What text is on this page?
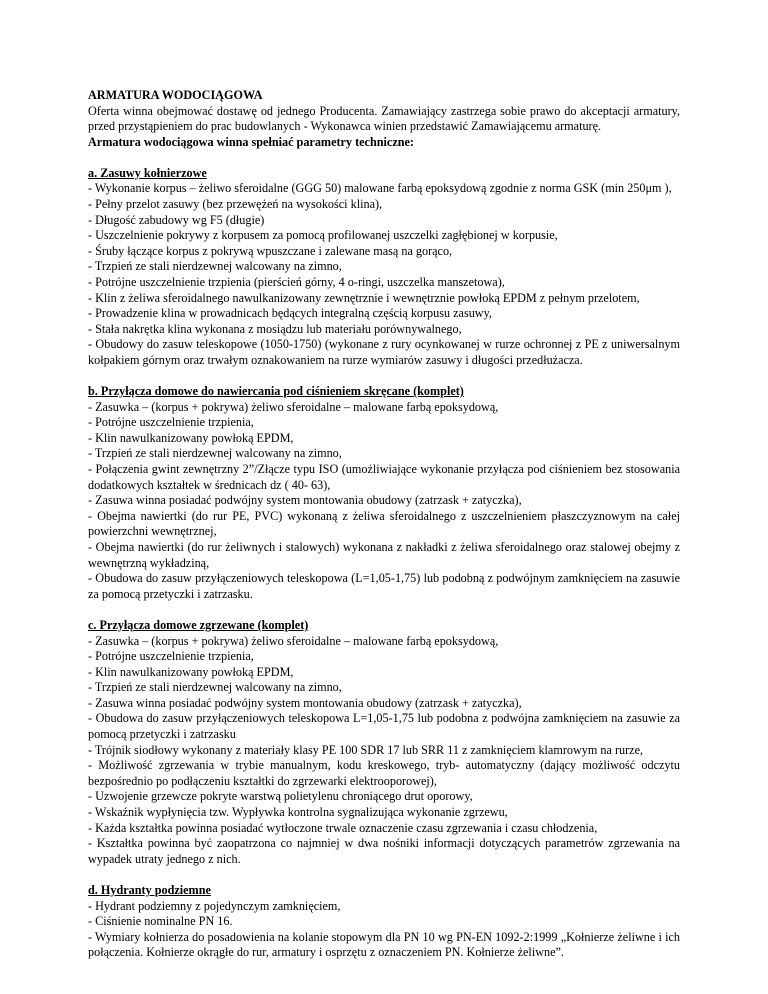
ARMATURA WODOCIĄGOWA

Oferta winna obejmować dostawę od jednego Producenta. Zamawiający zastrzega sobie prawo do akceptacji armatury, przed przystąpieniem do prac budowlanych - Wykonawca winien przedstawić Zamawiającemu armaturę.

Armatura wodociągowa winna spełniać parametry techniczne:

a. Zasuwy kołnierzowe

- Wykonanie korpus – żeliwo sferoidalne (GGG 50) malowane farbą epoksydową zgodnie z norma GSK (min 250μm ),

- Pełny przelot zasuwy (bez przewężeń na wysokości klina),

- Długość zabudowy wg F5 (długie)

- Uszczelnienie pokrywy z korpusem za pomocą profilowanej uszczelki zagłębionej w korpusie,

- Śruby łączące korpus z pokrywą wpuszczane i zalewane masą na gorąco,

- Trzpień ze stali nierdzewnej walcowany na zimno,

- Potrójne uszczelnienie trzpienia (pierścień górny, 4 o-ringi, uszczelka manszetowa),

- Klin z żeliwa sferoidalnego nawulkanizowany zewnętrznie i wewnętrznie powłoką EPDM z pełnym przelotem,

- Prowadzenie klina w prowadnicach będących integralną częścią korpusu zasuwy,

- Stała nakrętka klina wykonana z mosiądzu lub materiału porównywalnego,

- Obudowy do zasuw teleskopowe (1050-1750) (wykonane z rury ocynkowanej w rurze ochronnej z PE z uniwersalnym kołpakiem górnym oraz trwałym oznakowaniem na rurze wymiarów zasuwy i długości przedłużacza.

b. Przyłącza domowe do nawiercania pod ciśnieniem skręcane (komplet)

- Zasuwka – (korpus + pokrywa) żeliwo sferoidalne – malowane farbą epoksydową,

- Potrójne uszczelnienie trzpienia,

- Klin nawulkanizowany powłoką EPDM,

- Trzpień ze stali nierdzewnej walcowany na zimno,

- Połączenia gwint zewnętrzny 2”/Złącze typu ISO (umożliwiające wykonanie przyłącza pod ciśnieniem bez stosowania dodatkowych kształtek w średnicach dz ( 40- 63),

- Zasuwa winna posiadać podwójny system montowania obudowy (zatrzask + zatyczka),

- Obejma nawiertki (do rur PE, PVC) wykonaną z żeliwa sferoidalnego z uszczelnieniem płaszczyznowym na całej powierzchni wewnętrznej,

- Obejma nawiertki (do rur żeliwnych i stalowych) wykonana z nakładki z żeliwa sferoidalnego oraz stalowej obejmy z wewnętrzną wykładziną,

- Obudowa do zasuw przyłączeniowych teleskopowa (L=1,05-1,75) lub podobną z podwójnym zamknięciem na zasuwie za pomocą przetyczki i zatrzasku.

c. Przyłącza domowe zgrzewane (komplet)

- Zasuwka – (korpus + pokrywa) żeliwo sferoidalne – malowane farbą epoksydową,

- Potrójne uszczelnienie trzpienia,

- Klin nawulkanizowany powłoką EPDM,

- Trzpień ze stali nierdzewnej walcowany na zimno,

- Zasuwa winna posiadać podwójny system montowania obudowy (zatrzask + zatyczka),

- Obudowa do zasuw przyłączeniowych teleskopowa L=1,05-1,75 lub podobna z podwójna zamknięciem na zasuwie za pomocą przetyczki i zatrzasku

- Trójnik siodłowy wykonany z materiały klasy PE 100 SDR 17 lub SRR 11 z zamknięciem klamrowym na rurze,

- Możliwość zgrzewania w trybie manualnym, kodu kreskowego, tryb- automatyczny (dający możliwość odczytu bezpośrednio po podłączeniu kształtki do zgrzewarki elektrooporowej),

- Uzwojenie grzewcze pokryte warstwą polietylenu chroniącego drut oporowy,

- Wskaźnik wypłynięcia tzw. Wypływka kontrolna sygnalizująca wykonanie zgrzewu,

- Każda kształtka powinna posiadać wytłoczone trwale oznaczenie czasu zgrzewania i czasu chłodzenia,

- Kształtka powinna być zaopatrzona co najmniej w dwa nośniki informacji dotyczących parametrów zgrzewania na wypadek utraty jednego z nich.

d. Hydranty podziemne

- Hydrant podziemny z pojedynczym zamknięciem,

- Ciśnienie nominalne PN 16.

- Wymiary kołnierza do posadowienia na kolanie stopowym dla PN 10 wg PN-EN 1092-2:1999 „Kołnierze żeliwne i ich połączenia. Kołnierze okrągłe do rur, armatury i osprzętu z oznaczeniem PN. Kołnierze żeliwne”.
